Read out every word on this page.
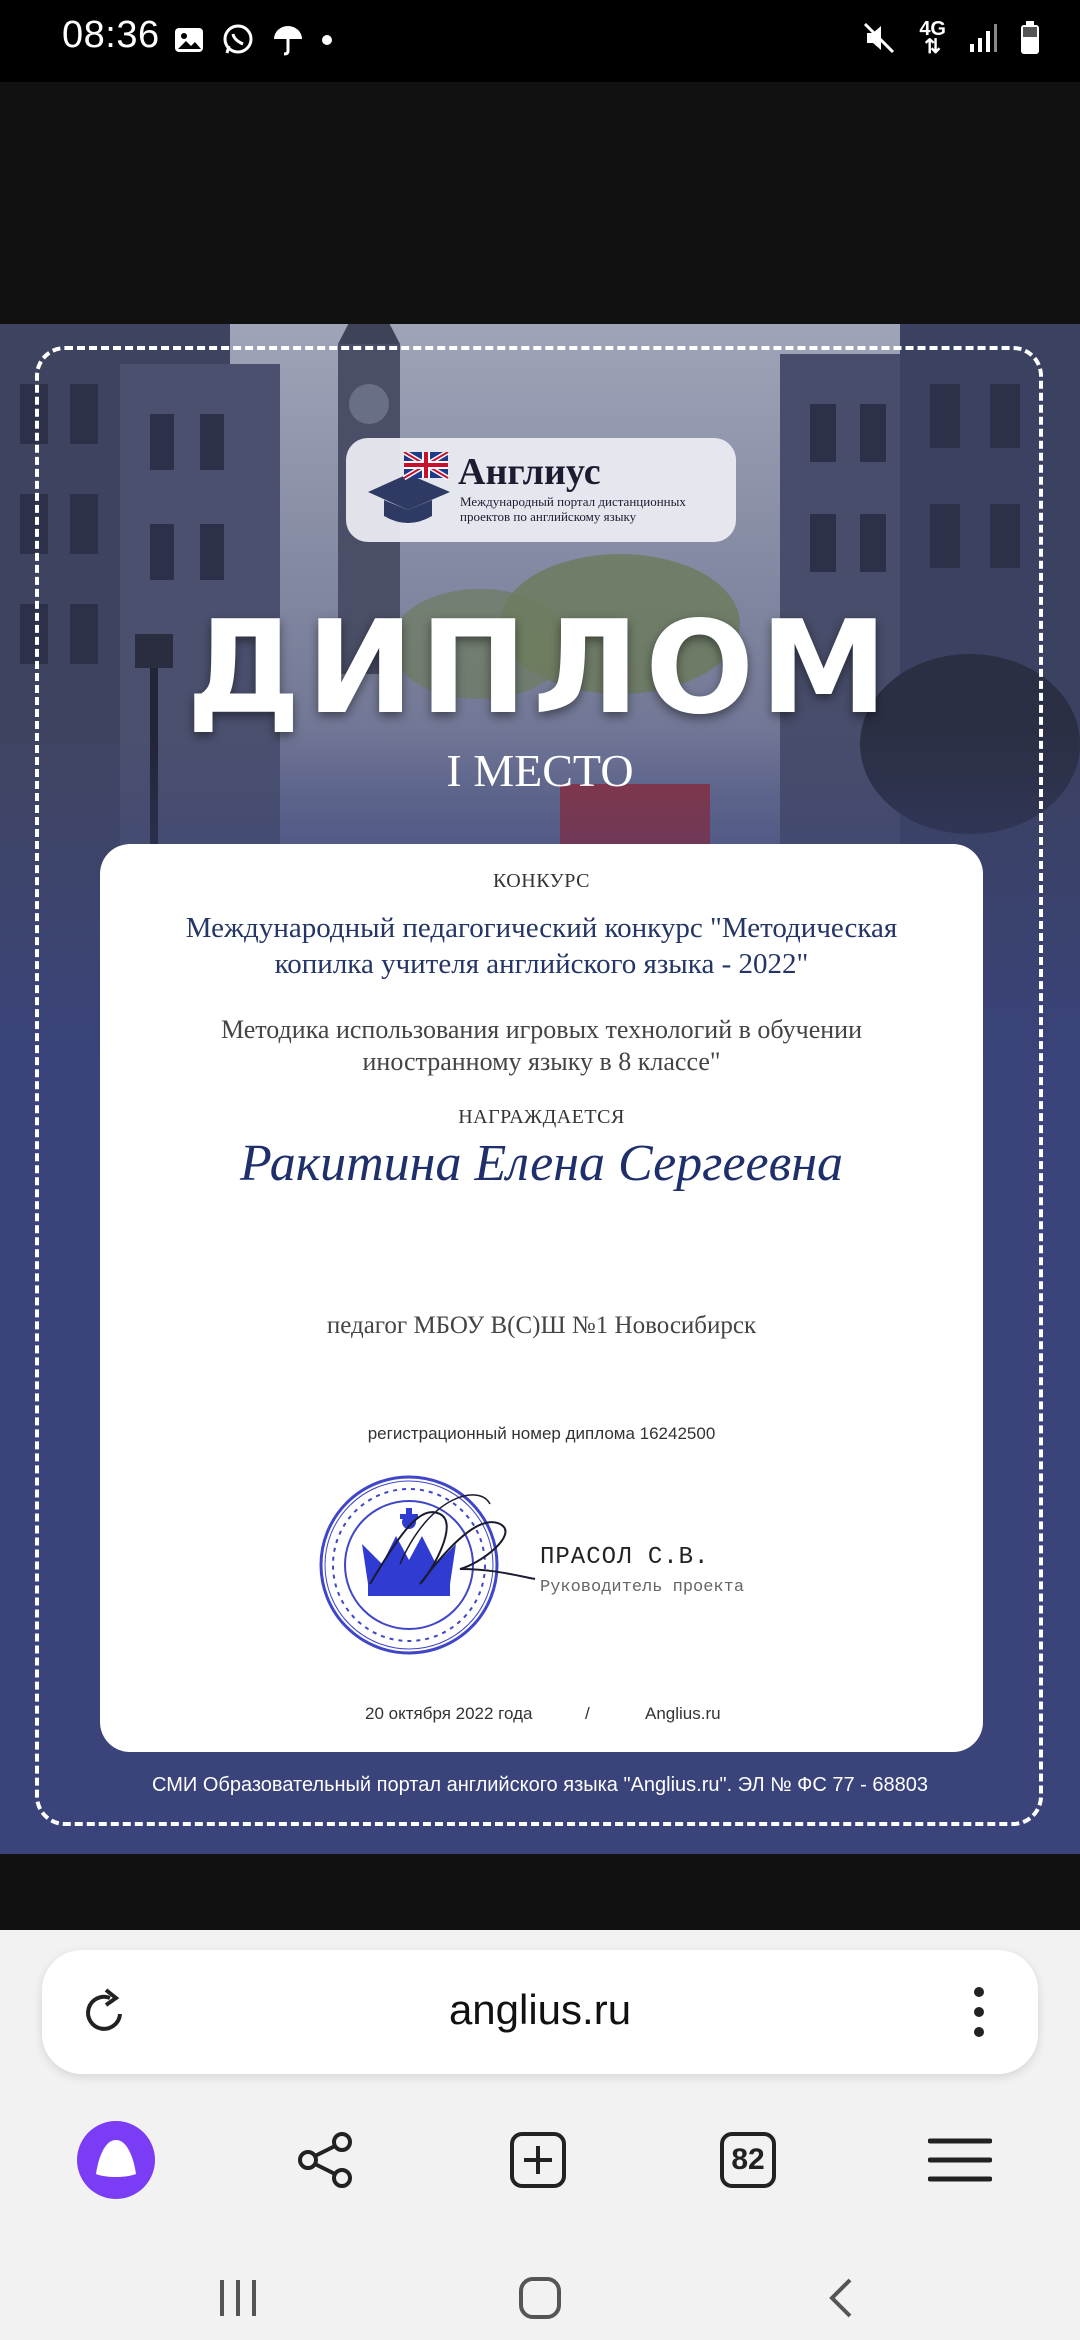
08:36	4G
⇅
Англиус
Международный портал дистанционных проектов по английскому языку
ДИПЛОМ
I МЕСТО
КОНКУРС
Международный педагогический конкурс "Методическая копилка учителя английского языка - 2022"
Методика использования игровых технологий в обучении иностранному языку в 8 классе"
НАГРАЖДАЕТСЯ
Ракитина Елена Сергеевна
педагог МБОУ В(С)Ш №1 Новосибирск
регистрационный номер диплома 16242500
ПРАСОЛ С.В.
Руководитель проекта
20 октября 2022 года	/	Anglius.ru
СМИ Образовательный портал английского языка "Anglius.ru". ЭЛ № ФС 77 - 68803
anglius.ru
82
